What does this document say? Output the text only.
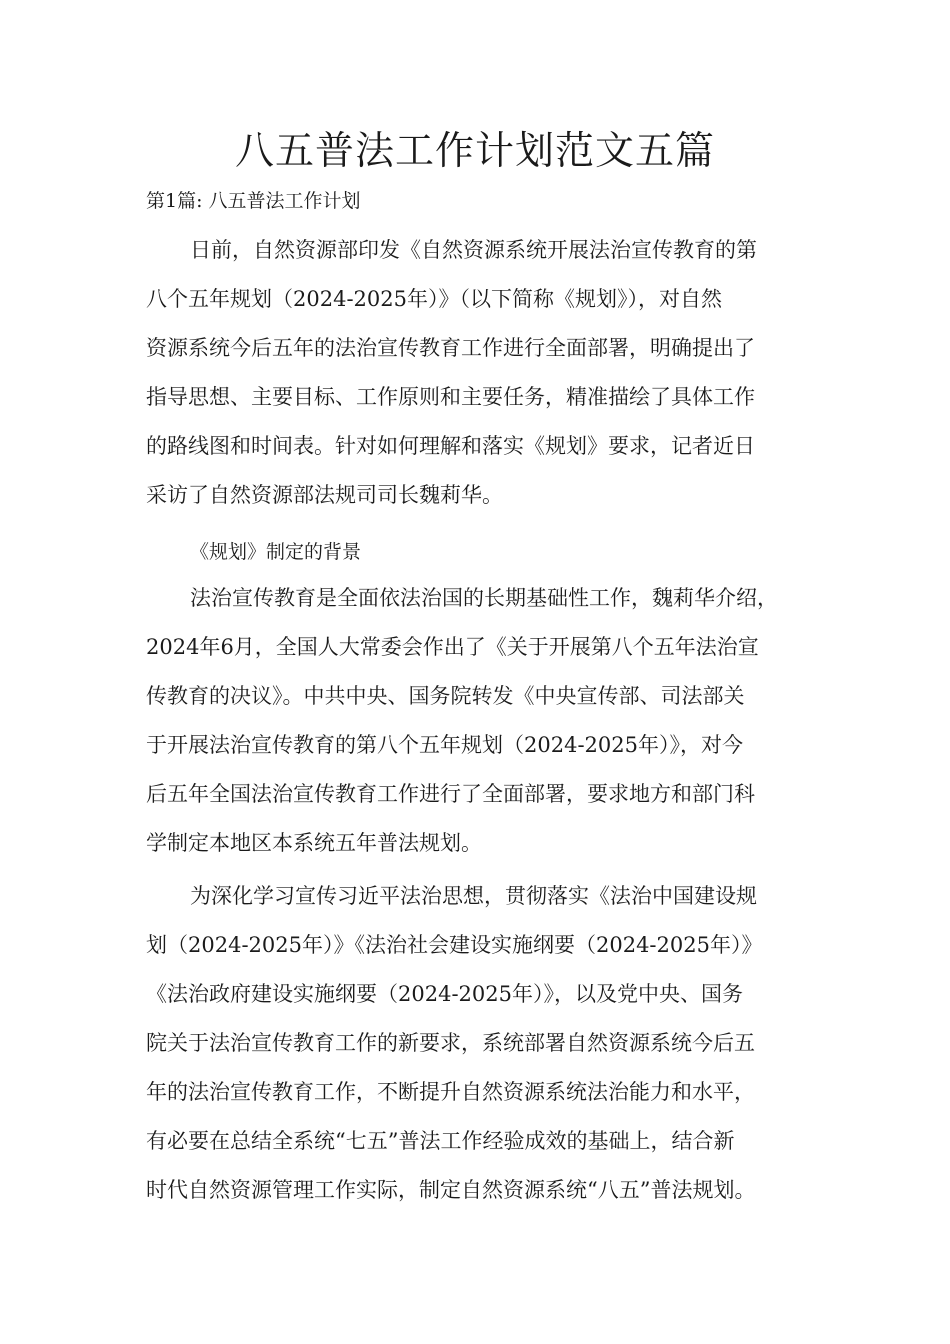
八五普法工作计划范文五篇

第1篇: 八五普法工作计划

日前，自然资源部印发《自然资源系统开展法治宣传教育的第
八个五年规划（2024-2025年）》（以下简称《规划》），对自然
资源系统今后五年的法治宣传教育工作进行全面部署，明确提出了
指导思想、主要目标、工作原则和主要任务，精准描绘了具体工作
的路线图和时间表。针对如何理解和落实《规划》要求，记者近日
采访了自然资源部法规司司长魏莉华。

《规划》制定的背景

法治宣传教育是全面依法治国的长期基础性工作，魏莉华介绍，
2024年6月，全国人大常委会作出了《关于开展第八个五年法治宣
传教育的决议》。中共中央、国务院转发《中央宣传部、司法部关
于开展法治宣传教育的第八个五年规划（2024-2025年）》，对今
后五年全国法治宣传教育工作进行了全面部署，要求地方和部门科
学制定本地区本系统五年普法规划。
为深化学习宣传习近平法治思想，贯彻落实《法治中国建设规
划（2024-2025年）》《法治社会建设实施纲要（2024-2025年）》
《法治政府建设实施纲要（2024-2025年）》，以及党中央、国务
院关于法治宣传教育工作的新要求，系统部署自然资源系统今后五
年的法治宣传教育工作，不断提升自然资源系统法治能力和水平，
有必要在总结全系统“七五”普法工作经验成效的基础上，结合新
时代自然资源管理工作实际，制定自然资源系统“八五”普法规划。
